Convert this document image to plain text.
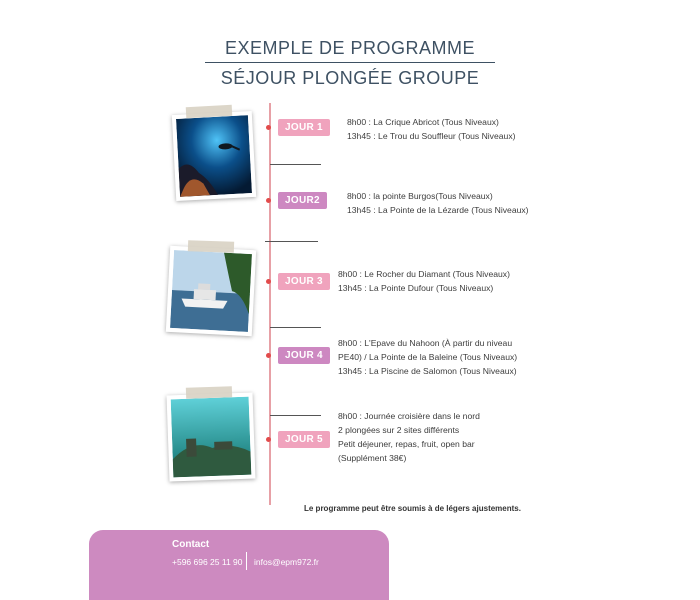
EXEMPLE DE PROGRAMME
SÉJOUR PLONGÉE GROUPE
JOUR 1
JOUR2
JOUR 3
JOUR 4
JOUR 5
8h00 : La Crique Abricot (Tous Niveaux)
13h45 : Le Trou du Souffleur (Tous Niveaux)
8h00 : la pointe Burgos(Tous Niveaux)
13h45 : La Pointe de la Lézarde (Tous Niveaux)
8h00 : Le Rocher du Diamant (Tous Niveaux)
13h45 : La Pointe Dufour (Tous Niveaux)
8h00 : L'Epave du Nahoon (À partir du niveau
PE40) / La Pointe de la Baleine (Tous Niveaux)
13h45 : La Piscine de Salomon (Tous Niveaux)
8h00 : Journée croisière dans le nord
2 plongées sur 2 sites différents
Petit déjeuner, repas, fruit, open bar
(Supplément 38€)
Le programme peut être soumis à de légers ajustements.
Contact
+596 696 25 11 90 infos@epm972.fr
